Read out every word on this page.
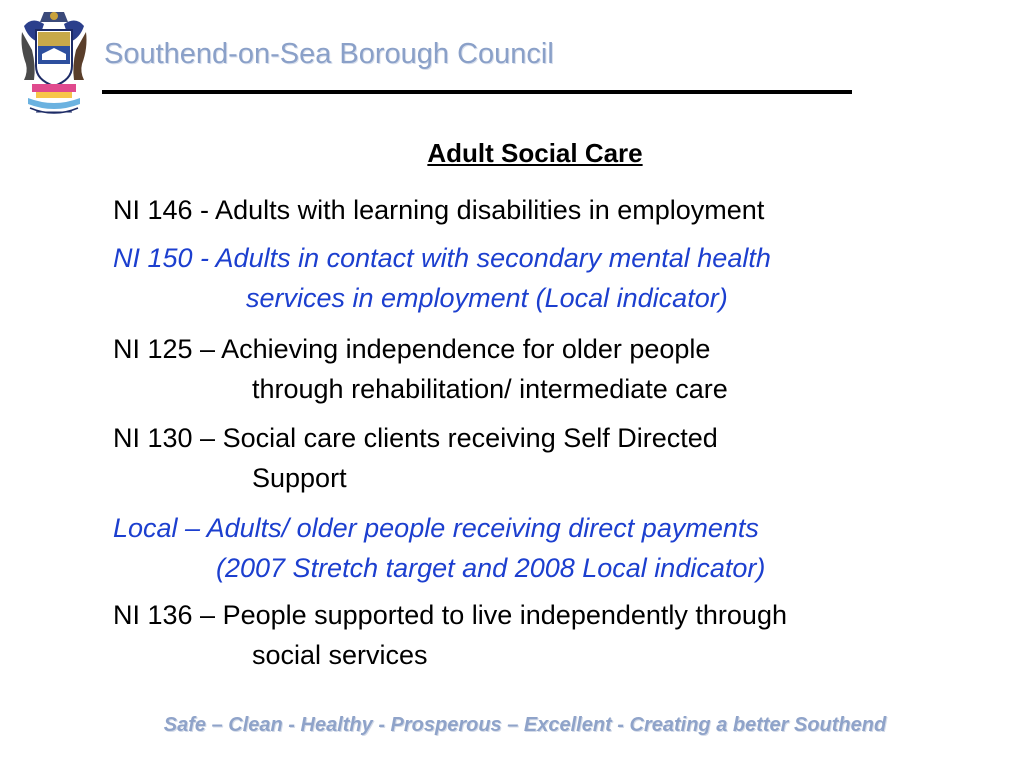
Southend-on-Sea Borough Council
Adult Social Care
NI 146 - Adults with learning disabilities in employment
NI 150 - Adults in contact with secondary mental health
services in employment (Local indicator)
NI 125 – Achieving independence for older people
through rehabilitation/ intermediate care
NI 130 – Social care clients receiving Self Directed
Support
Local – Adults/ older people receiving direct payments
(2007 Stretch target and 2008 Local indicator)
NI 136 – People supported to live independently through
social services
Safe – Clean - Healthy - Prosperous – Excellent - Creating a better Southend
